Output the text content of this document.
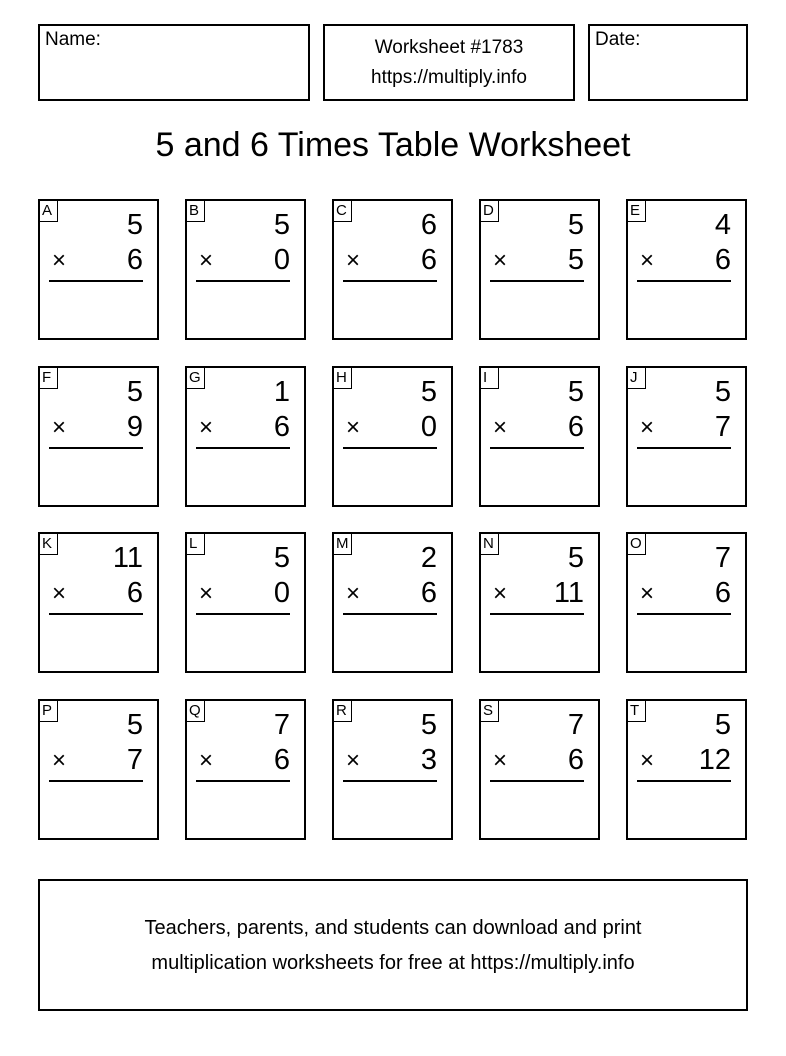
Name:	Worksheet #1783
https://multiply.info
Date:
5 and 6 Times Table Worksheet
A	5
× 6
B	5
× 0
C	6
× 6
D	5
× 5
E	4
× 6
F	5
× 9
G	1
× 6
H	5
× 0
I	5
× 6
J	5
× 7
K 11
× 6
L	5
× 0
M 2
× 6
N	5
× 11
O	7
× 6
P	5
× 7
Q	7
× 6
R	5
× 3
S	7
× 6
T	5
× 12
Teachers, parents, and students can download and print
multiplication worksheets for free at https://multiply.info
